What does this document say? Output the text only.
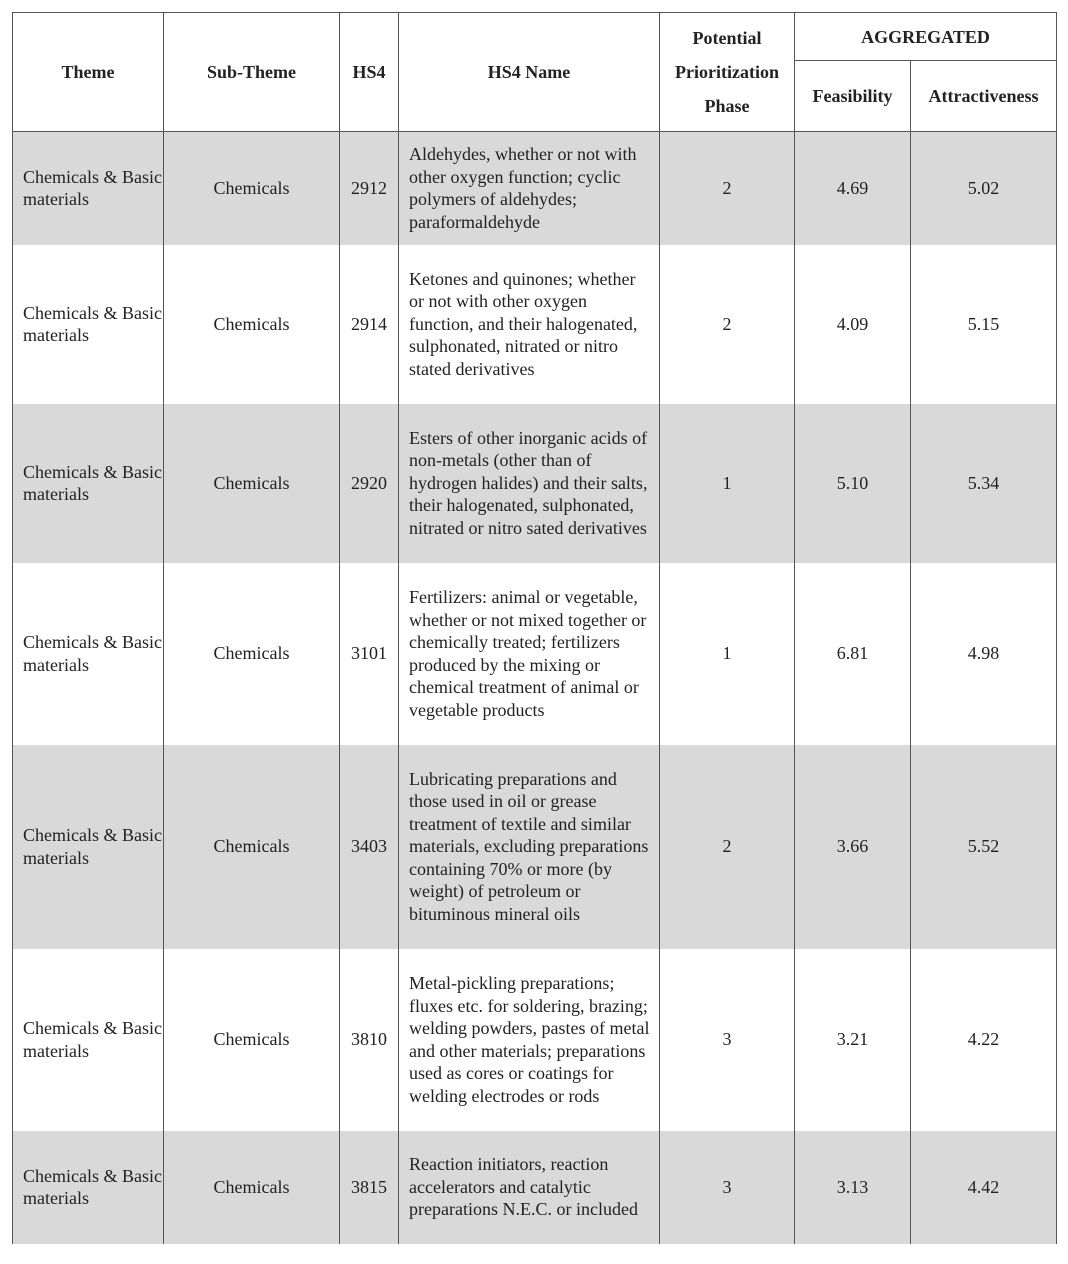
Theme	Sub-Theme	HS4	HS4 Name	Potential Prioritization Phase	AGGREGATED	
					Feasibility	Attractiveness
Chemicals & Basic materials	Chemicals	2912	Aldehydes, whether or not with other oxygen function; cyclic polymers of aldehydes; paraformaldehyde	2	4.69	5.02
Chemicals & Basic materials	Chemicals	2914	Ketones and quinones; whether or not with other oxygen function, and their halogenated, sulphonated, nitrated or nitro stated derivatives	2	4.09	5.15
Chemicals & Basic materials	Chemicals	2920	Esters of other inorganic acids of non-metals (other than of hydrogen halides) and their salts, their halogenated, sulphonated, nitrated or nitro sated derivatives	1	5.10	5.34
Chemicals & Basic materials	Chemicals	3101	Fertilizers: animal or vegetable, whether or not mixed together or chemically treated; fertilizers produced by the mixing or chemical treatment of animal or vegetable products	1	6.81	4.98
Chemicals & Basic materials	Chemicals	3403	Lubricating preparations and those used in oil or grease treatment of textile and similar materials, excluding preparations containing 70% or more (by weight) of petroleum or bituminous mineral oils	2	3.66	5.52
Chemicals & Basic materials	Chemicals	3810	Metal-pickling preparations; fluxes etc. for soldering, brazing; welding powders, pastes of metal and other materials; preparations used as cores or coatings for welding electrodes or rods	3	3.21	4.22
Chemicals & Basic materials	Chemicals	3815	Reaction initiators, reaction accelerators and catalytic preparations N.E.C. or included	3	3.13	4.42
